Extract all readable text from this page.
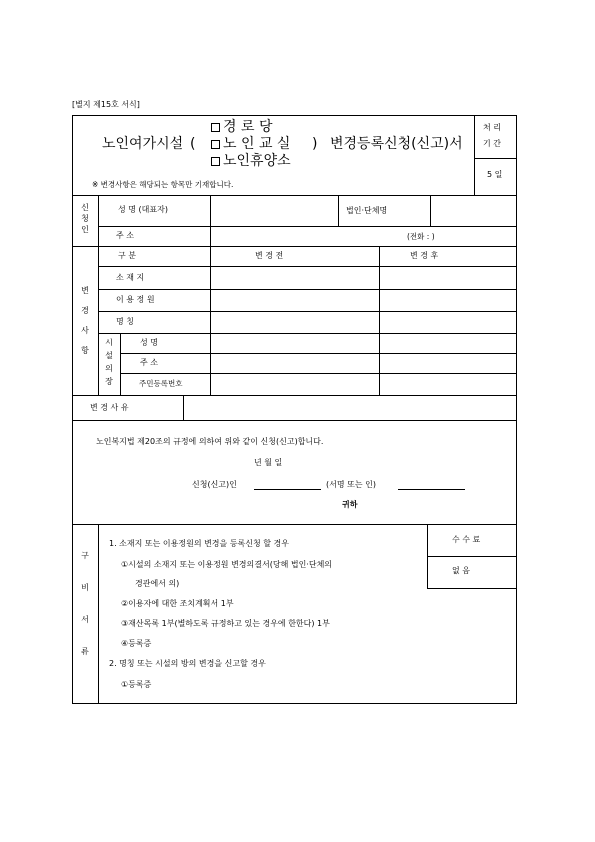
[별지 제15호 서식]
노인여가시설 (
경 로 당
노 인 교 실
노인휴양소
) 변경등록신청(신고)서
처 리
기 간
5 일
※ 변경사항은 해당되는 항목만 기재합니다.
신
청
인
성 명 (대표자)	법인·단체명
주 소	(전화 : )
변
경
사
항
구 분	변 경 전	변 경 후
소 재 지
이 용 정 원
명 칭
시
설
의
장
성 명
주 소
주민등록번호
변 경 사 유
노인복지법 제20조의 규정에 의하여 위와 같이 신청(신고)합니다.
년 월 일
신청(신고)인	(서명 또는 인)
귀하
구
비
서
류
1. 소재지 또는 이용정원의 변경을 등록신청 할 경우
①시설의 소재지 또는 이용정원 변경의결서(당해 법인·단체의
경관에서 의)
②이용자에 대한 조치계획서 1부
③재산목록 1부(별하도록 규정하고 있는 경우에 한한다) 1부
④등록증
2. 명칭 또는 시설의 방의 변경을 신고할 경우
①등록증
수 수 료
없 음
